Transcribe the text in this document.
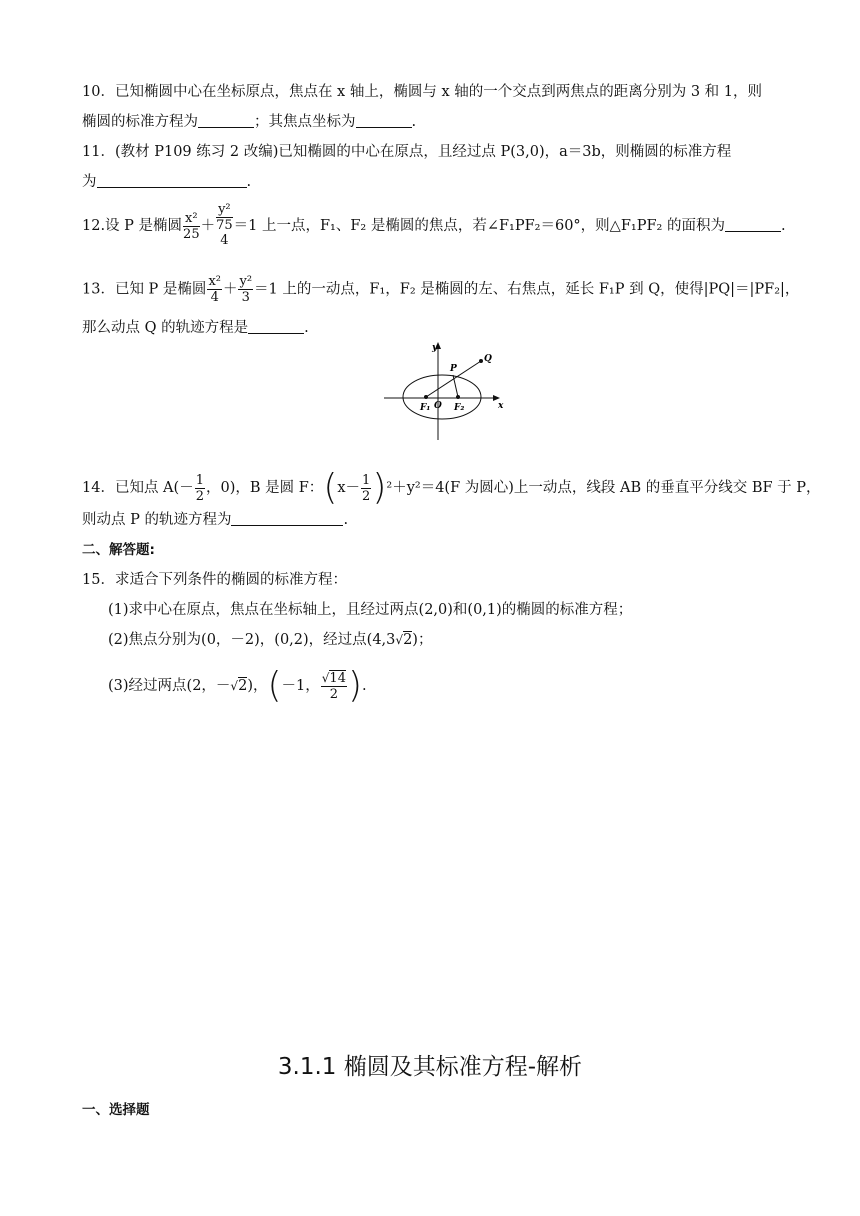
10．已知椭圆中心在坐标原点，焦点在 x 轴上，椭圆与 x 轴的一个交点到两焦点的距离分别为 3 和 1，则
椭圆的标准方程为	；其焦点坐标为	.
11．(教材 P109 练习 2 改编)已知椭圆的中心在原点，且经过点 P(3,0)，a＝3b，则椭圆的标准方程
为	.
12.设 P 是椭圆 $\frac{\text{x²}}{25}$ ＋
y²
75
4
＝1 上一点，F₁、F₂ 是椭圆的焦点，若∠F₁PF₂＝60°，则△F₁PF₂ 的面积为	.
13．已知 P 是椭圆 $\frac{\text{x²}}{4} + \frac{\text{y²}}{3} =1$ 上的一动点，F₁，F₂ 是椭圆的左、右焦点，延长 F₁P 到 Q，使得|PQ|＝|PF₂|，
那么动点 Q 的轨迹方程是	.
y
x
O
F₁	F₂
P
Q
14．已知点 $A(- \frac{1}{2}$ ，0)，B 是圆 F：$(x- \frac{1}{2} )^2+y^2=4(F$ 为圆心)上一动点，线段 AB 的垂直平分线交 BF 于 P，
则动点 P 的轨迹方程为	.
二、解答题:
15．求适合下列条件的椭圆的标准方程：
(1)求中心在原点，焦点在坐标轴上，且经过两点(2,0)和(0,1)的椭圆的标准方程；
(2)焦点分别为(0，－2)，(0,2)，经过点(4,3√2)；
(3)经过两点(2，－√2)，(－1， $\frac{√14}{2}$ ).
3.1.1 椭圆及其标准方程-解析
一、选择题
